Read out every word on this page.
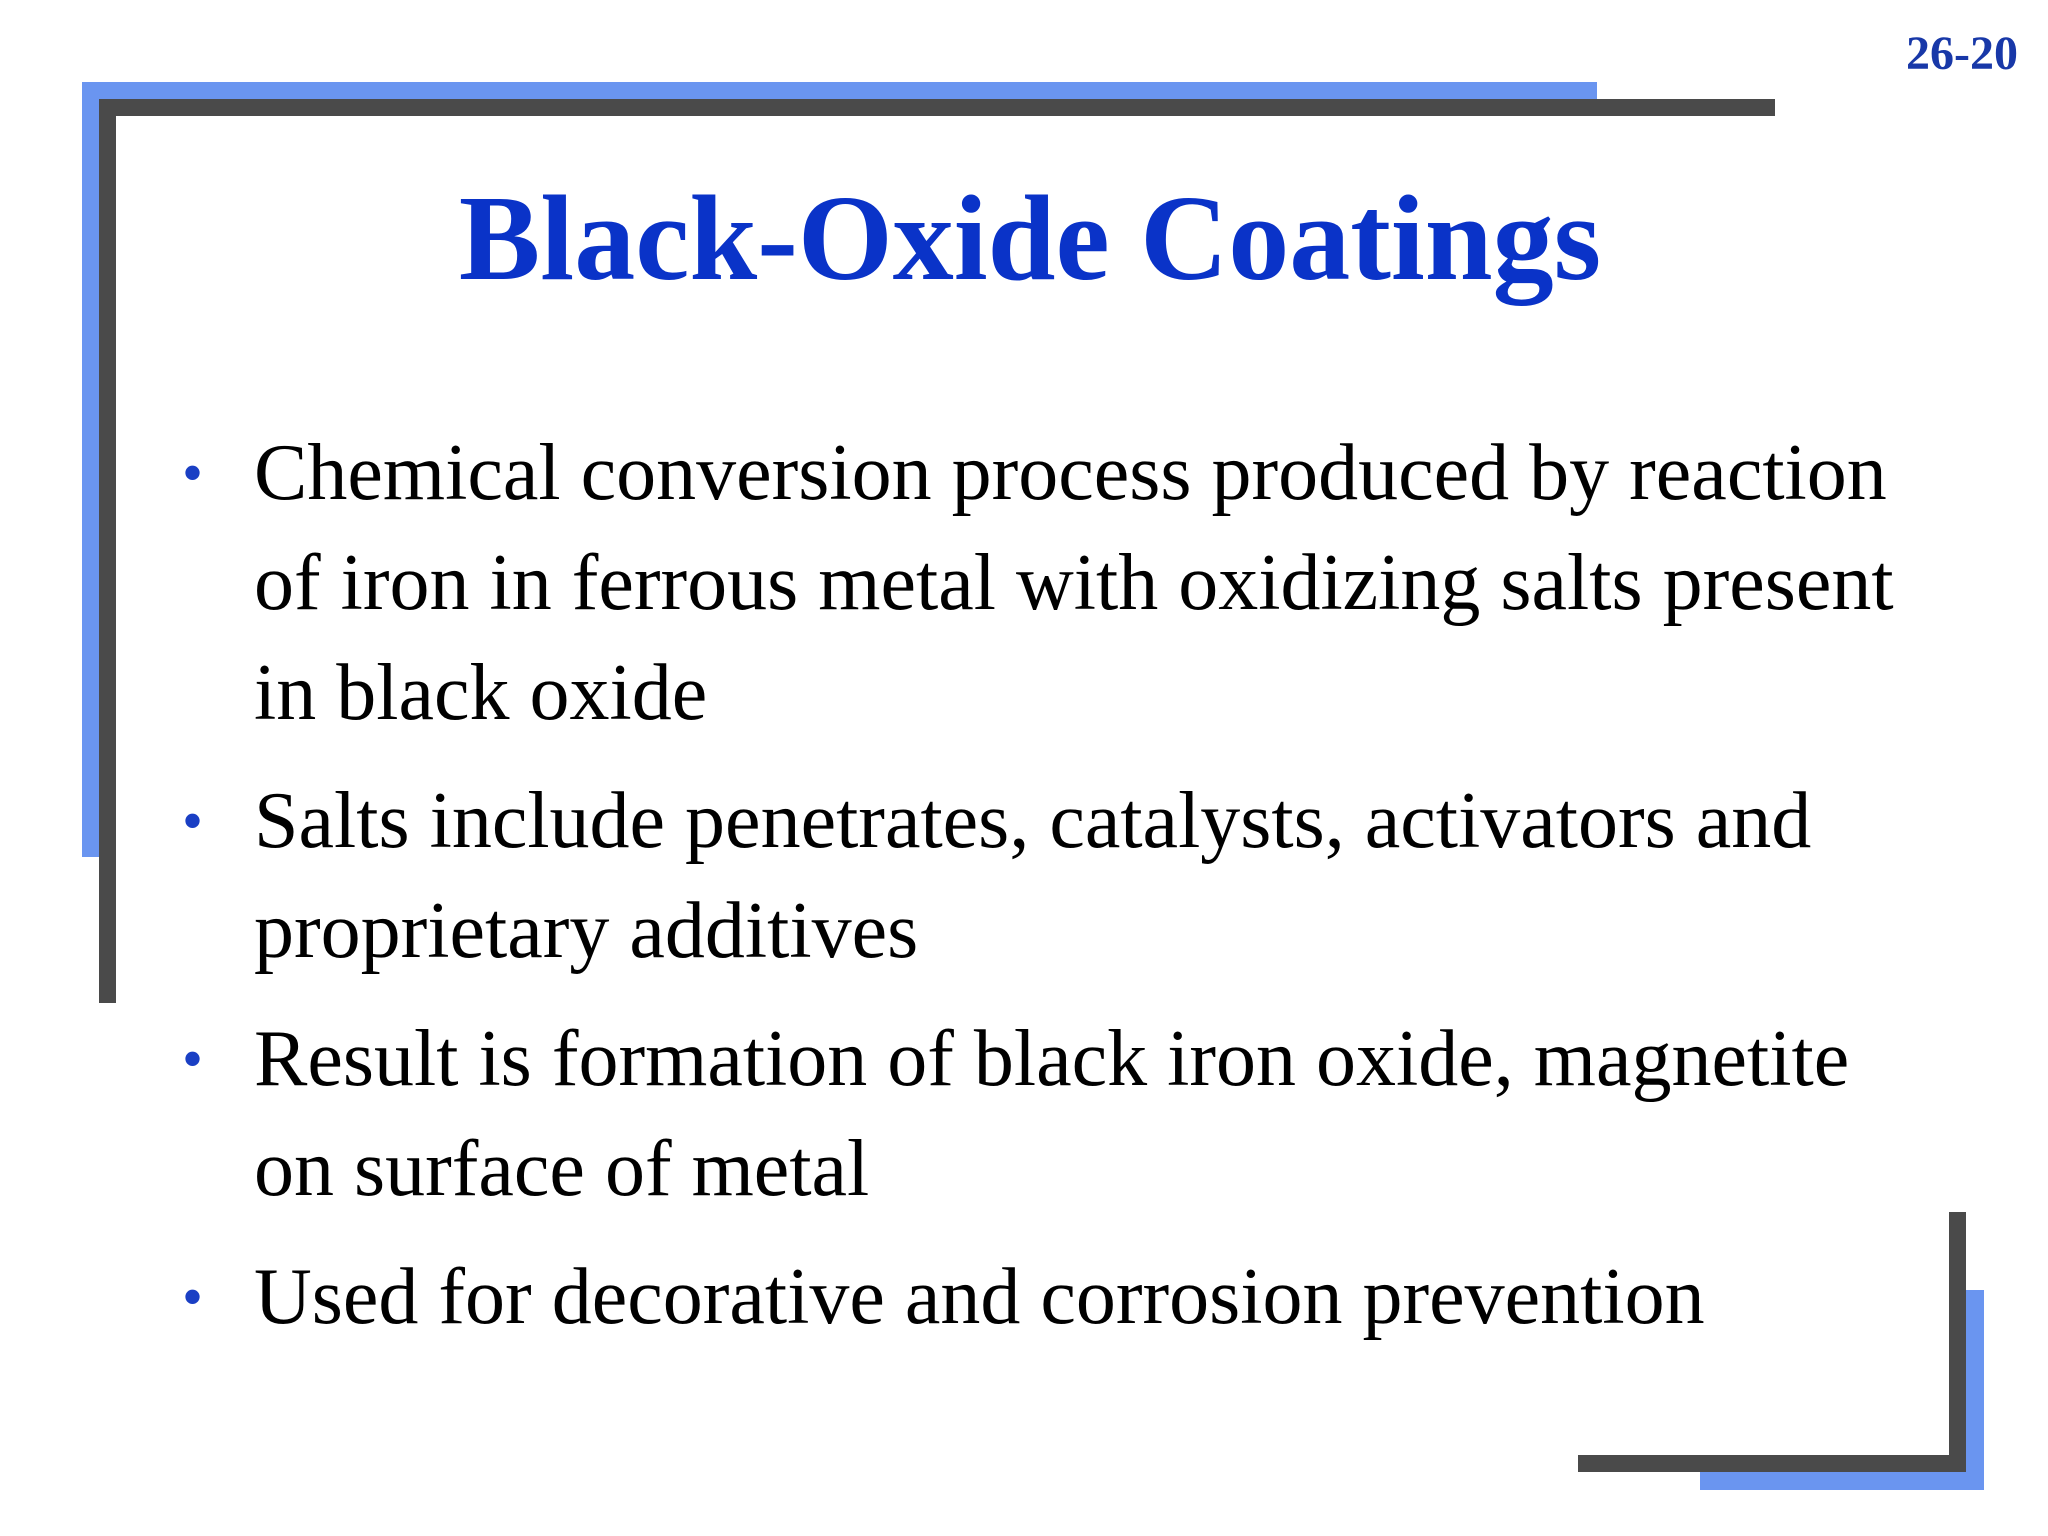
26-20
Black-Oxide Coatings
• Chemical conversion process produced by reaction of iron in ferrous metal with oxidizing salts present in black oxide
• Salts include penetrates, catalysts, activators and proprietary additives
• Result is formation of black iron oxide, magnetite on surface of metal
• Used for decorative and corrosion prevention
